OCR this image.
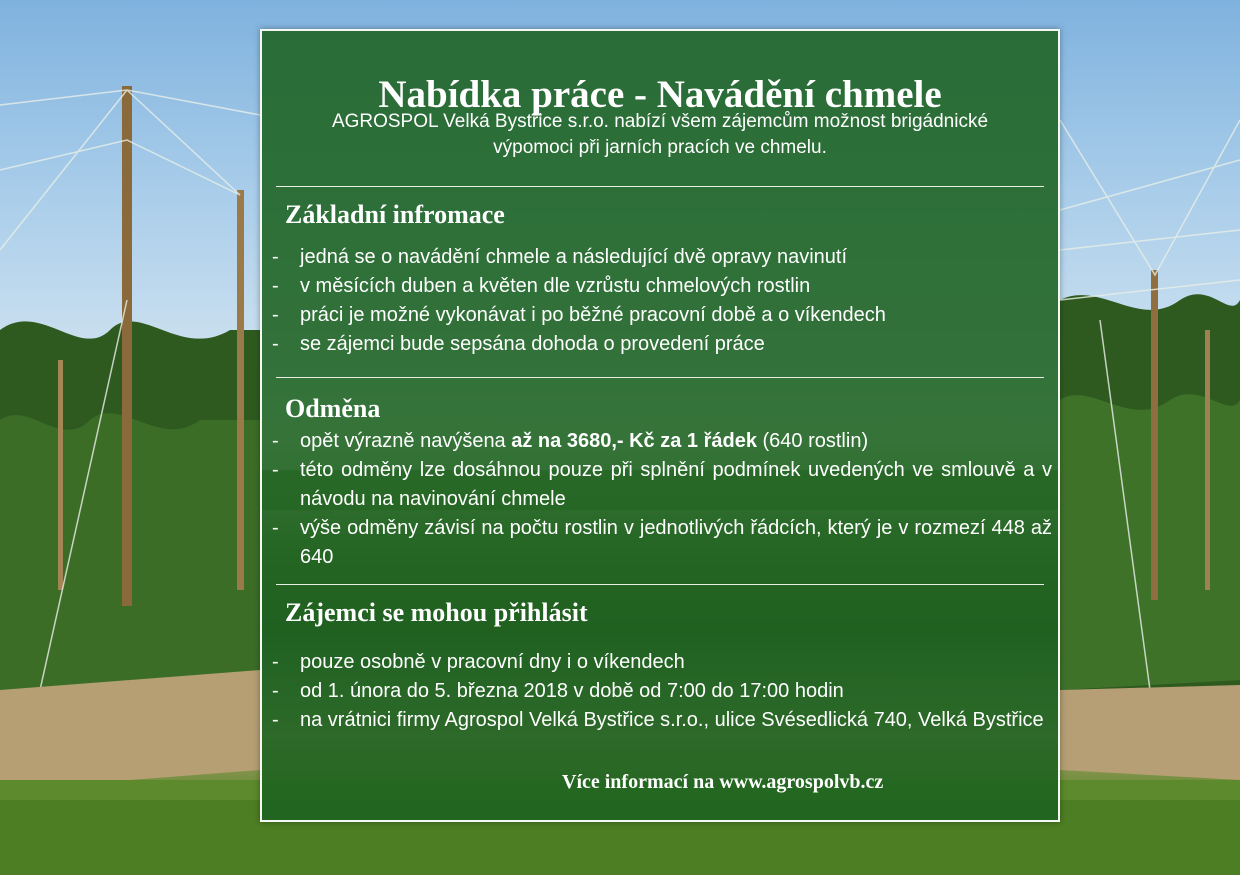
Nabídka práce - Navádění chmele

AGROSPOL Velká Bystřice s.r.o. nabízí všem zájemcům možnost brigádnické výpomoci při jarních pracích ve chmelu.

Základní infromace
- jedná se o navádění chmele a následující dvě opravy navinutí
- v měsících duben a květen dle vzrůstu chmelových rostlin
- práci je možné vykonávat i po běžné pracovní době a o víkendech
- se zájemci bude sepsána dohoda o provedení práce
Odměna
- opět výrazně navýšena až na 3680,- Kč za 1 řádek (640 rostlin)
- této odměny lze dosáhnou pouze při splnění podmínek uvedených ve smlouvě a v návodu na navinování chmele
- výše odměny závisí na počtu rostlin v jednotlivých řádcích, který je v rozmezí 448 až 640
Zájemci se mohou přihlásit
- pouze osobně v pracovní dny i o víkendech
- od 1. února do 5. března 2018 v době od 7:00 do 17:00 hodin
- na vrátnici firmy Agrospol Velká Bystřice s.r.o., ulice Svésedlická 740, Velká Bystřice

Více informací na www.agrospolvb.cz
